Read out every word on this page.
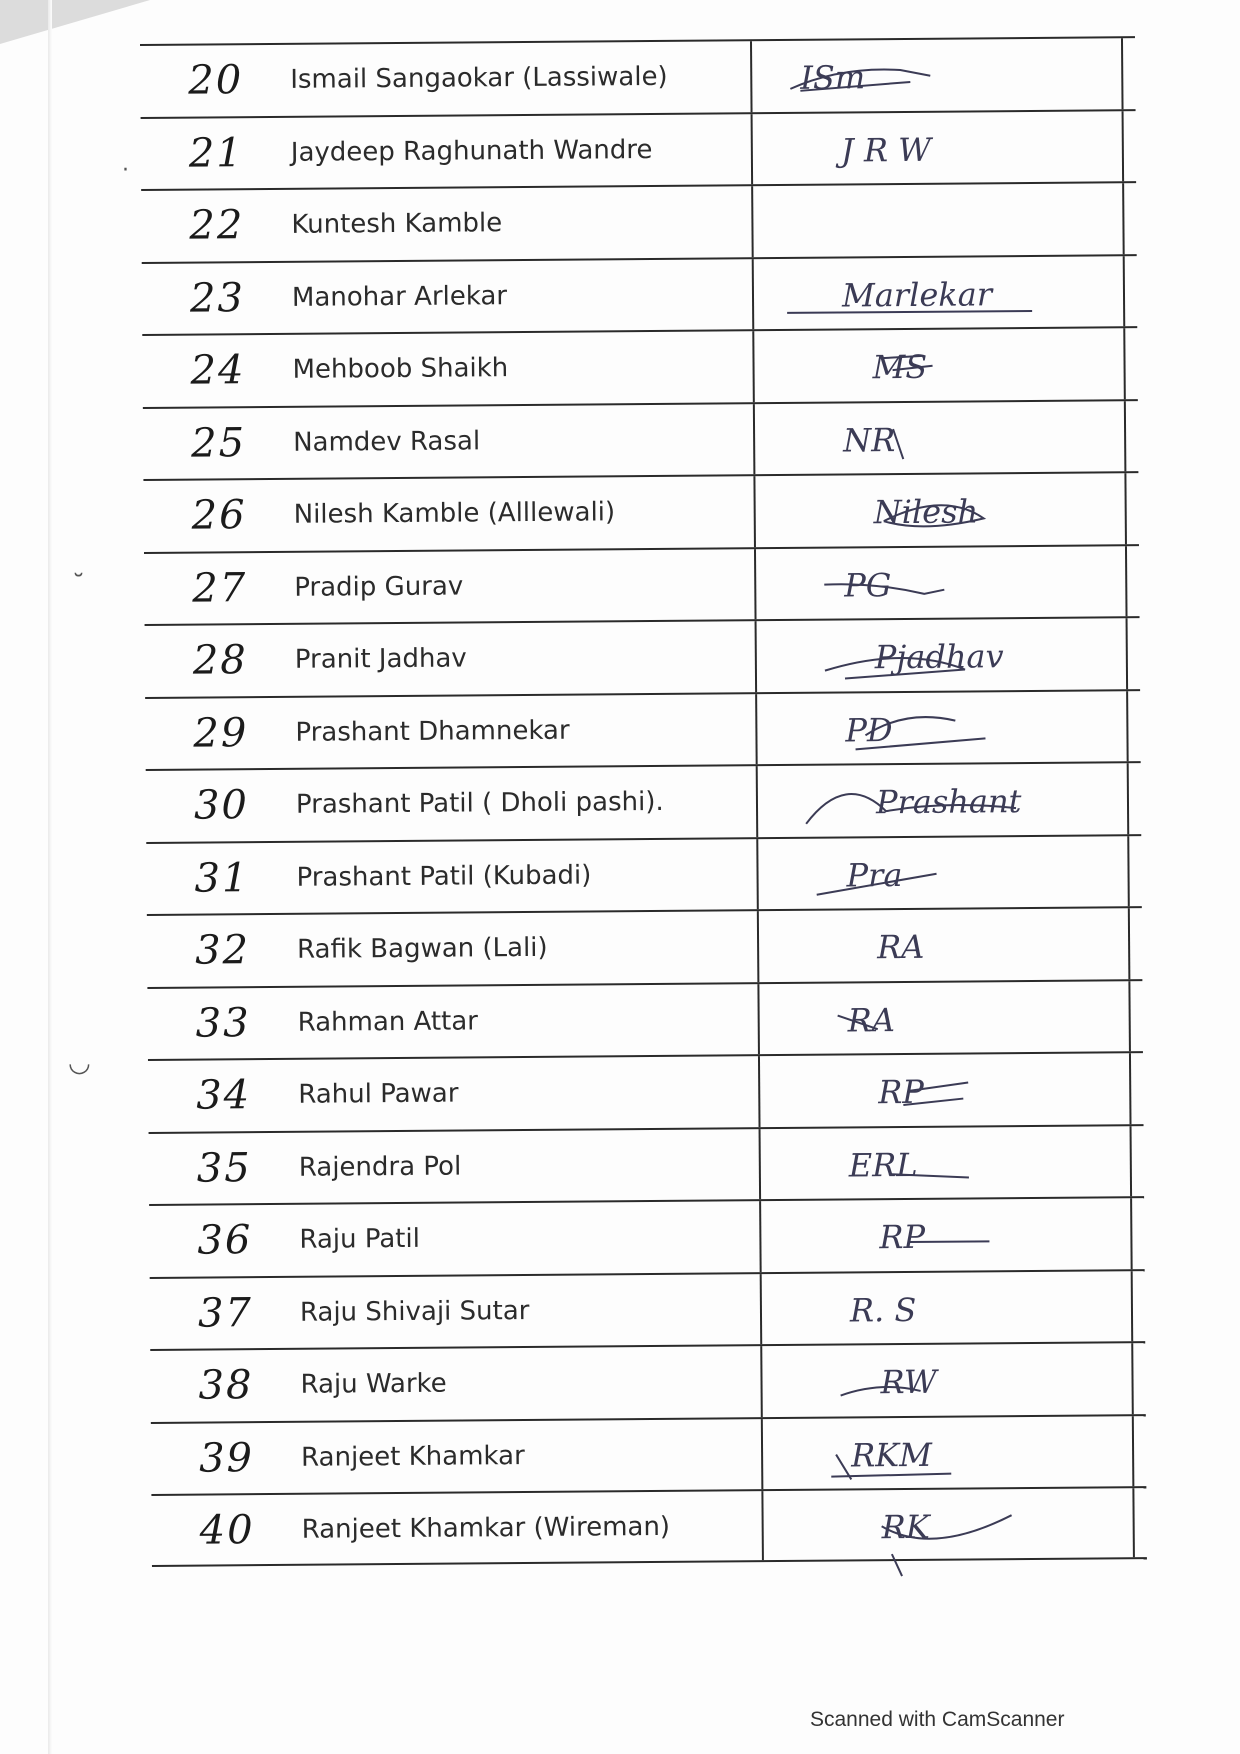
·
˘
◡
20	Ismail Sangaokar (Lassiwale)	ISm
21	Jaydeep Raghunath Wandre	J R W
22	Kuntesh Kamble
23	Manohar Arlekar	Marlekar
24	Mehboob Shaikh	MS
25	Namdev Rasal	NR
26	Nilesh Kamble (Alllewali)	Nilesh
27	Pradip Gurav	PG
28	Pranit Jadhav	Pjadhav
29	Prashant Dhamnekar	PD
30	Prashant Patil ( Dholi pashi).	Prashant
31	Prashant Patil (Kubadi)	Pra
32	Rafik Bagwan (Lali)	RA
33	Rahman Attar	RA
34	Rahul Pawar	RP
35	Rajendra Pol	ERL
36	Raju Patil	RP
37	Raju Shivaji Sutar	R. S
38	Raju Warke	RW
39	Ranjeet Khamkar	RKM
40	Ranjeet Khamkar (Wireman)	RK
Scanned with CamScanner
